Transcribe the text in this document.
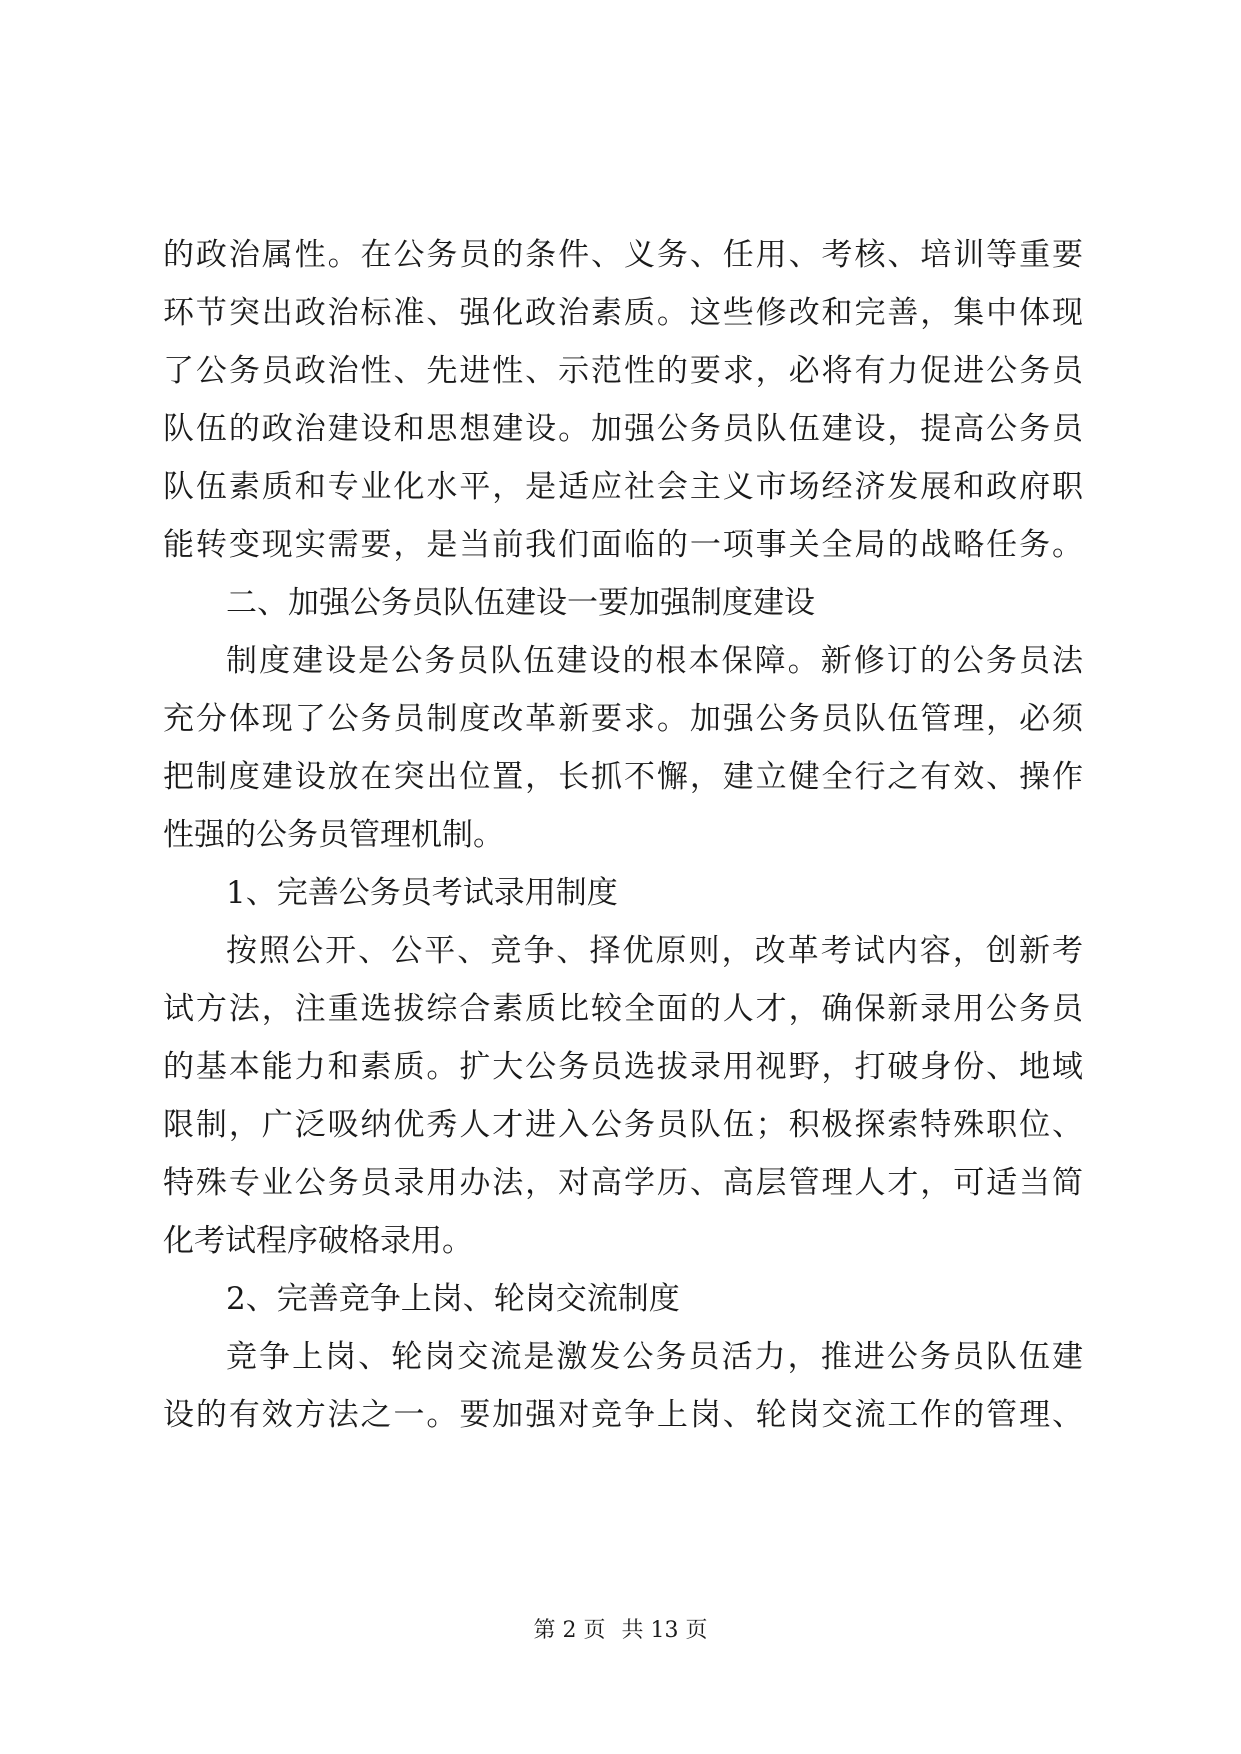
的政治属性。在公务员的条件、义务、任用、考核、培训等重要
环节突出政治标准、强化政治素质。这些修改和完善，集中体现
了公务员政治性、先进性、示范性的要求，必将有力促进公务员
队伍的政治建设和思想建设。加强公务员队伍建设，提高公务员
队伍素质和专业化水平，是适应社会主义市场经济发展和政府职
能转变现实需要，是当前我们面临的一项事关全局的战略任务。
二、加强公务员队伍建设一要加强制度建设
制度建设是公务员队伍建设的根本保障。新修订的公务员法
充分体现了公务员制度改革新要求。加强公务员队伍管理，必须
把制度建设放在突出位置，长抓不懈，建立健全行之有效、操作
性强的公务员管理机制。
1、完善公务员考试录用制度
按照公开、公平、竞争、择优原则，改革考试内容，创新考
试方法，注重选拔综合素质比较全面的人才，确保新录用公务员
的基本能力和素质。扩大公务员选拔录用视野，打破身份、地域
限制，广泛吸纳优秀人才进入公务员队伍；积极探索特殊职位、
特殊专业公务员录用办法，对高学历、高层管理人才，可适当简
化考试程序破格录用。
2、完善竞争上岗、轮岗交流制度
竞争上岗、轮岗交流是激发公务员活力，推进公务员队伍建
设的有效方法之一。要加强对竞争上岗、轮岗交流工作的管理、
第 2 页 共 13 页
